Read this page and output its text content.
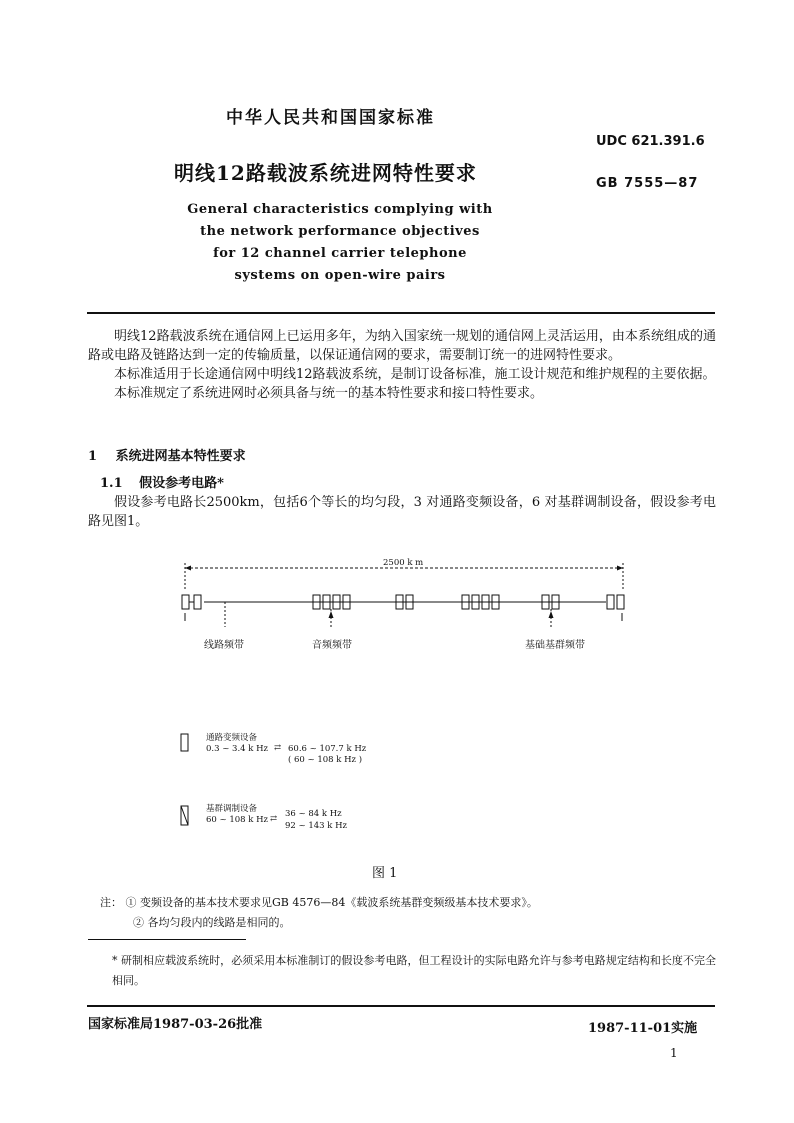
中华人民共和国国家标准
UDC 621.391.6
明线12路载波系统进网特性要求	GB 7555—87
General characteristics complying with
the network performance objectives
for 12 channel carrier telephone
systems on open-wire pairs

明线12路载波系统在通信网上已运用多年，为纳入国家统一规划的通信网上灵活运用，由本系统组成的通路或电路及链路达到一定的传输质量，以保证通信网的要求，需要制订统一的进网特性要求。

本标准适用于长途通信网中明线12路载波系统，是制订设备标准，施工设计规范和维护规程的主要依据。

本标准规定了系统进网时必须具备与统一的基本特性要求和接口特性要求。

1 系统进网基本特性要求
1.1 假设参考电路*

假设参考电路长2500km，包括6个等长的均匀段，3 对通路变频设备，6 对基群调制设备，假设参考电路见图1。

2500 k m
线路频带	音频频带	基础基群频带
通路变频设备
0.3 ~ 3.4 k Hz ⇄ 60.6 ~ 107.7 k Hz
( 60 ~ 108 k Hz )
基群调制设备
60 ~ 108 k Hz ⇄ 36 ~ 84 k Hz
92 ~ 143 k Hz
图 1
注： ① 变频设备的基本技术要求见GB 4576—84《载波系统基群变频级基本技术要求》。
② 各均匀段内的线路是相同的。
* 研制相应载波系统时，必须采用本标准制订的假设参考电路，但工程设计的实际电路允许与参考电路规定结构和长度不完全相同。
国家标准局1987-03-26批准	1987-11-01实施
1
